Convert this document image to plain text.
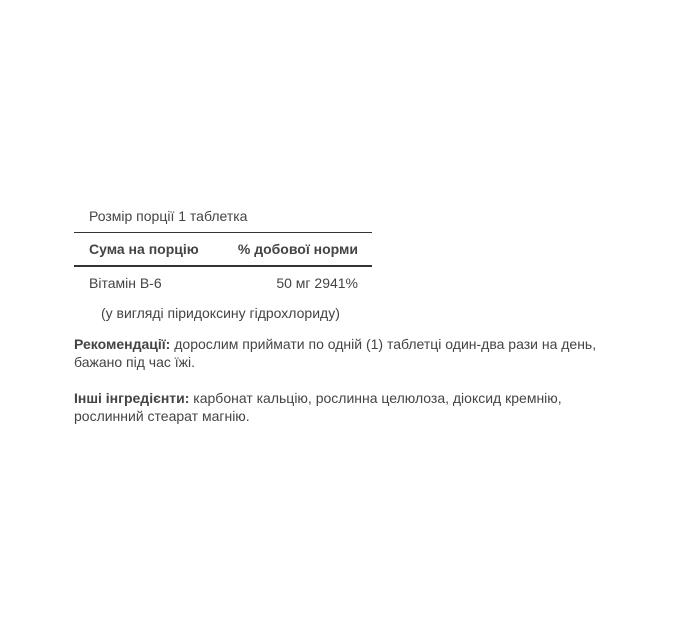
Розмір порції 1 таблетка
Сума на порцію	% добової норми
Вітамін B-6	50 мг 2941%
(у вигляді піридоксину гідрохлориду)	

Рекомендації: дорослим приймати по одній (1) таблетці один-два рази на день, бажано під час їжі.

Інші інгредієнти: карбонат кальцію, рослинна целюлоза, діоксид кремнію, рослинний стеарат магнію.
